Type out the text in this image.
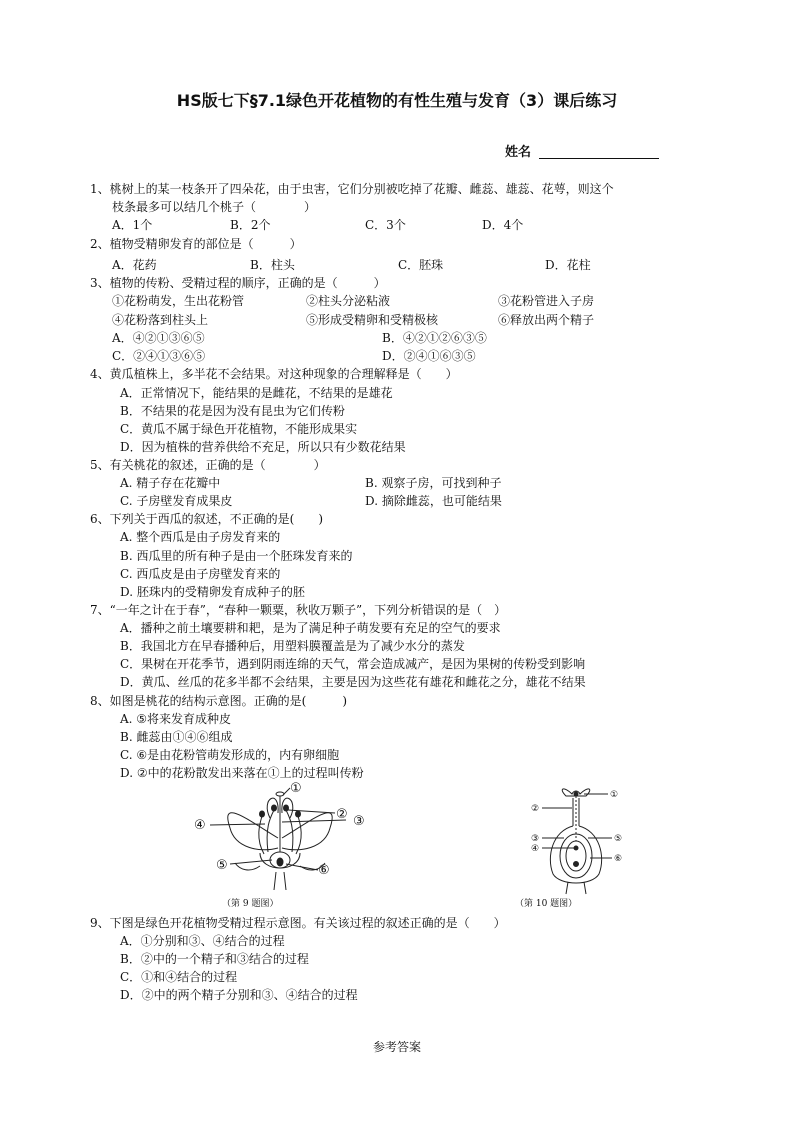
HS版七下§7.1绿色开花植物的有性生殖与发育（3）课后练习
姓名
1、桃树上的某一枝条开了四朵花，由于虫害，它们分别被吃掉了花瓣、雌蕊、雄蕊、花萼，则这个
枝条最多可以结几个桃子（　　　　）
A．1个	B．2个	C．3个	D．4个
2、植物受精卵发育的部位是（　　　）
A．花药	B．柱头	C．胚珠	D．花柱
3、植物的传粉、受精过程的顺序，正确的是（　　　）
①花粉萌发，生出花粉管	②柱头分泌粘液	③花粉管进入子房
④花粉落到柱头上	⑤形成受精卵和受精极核	⑥释放出两个精子
A．④②①③⑥⑤	B．④②①②⑥③⑤
C．②④①③⑥⑤	D．②④①⑥③⑤
4、黄瓜植株上，多半花不会结果。对这种现象的合理解释是（　　）
A．正常情况下，能结果的是雌花，不结果的是雄花
B．不结果的花是因为没有昆虫为它们传粉
C．黄瓜不属于绿色开花植物，不能形成果实
D．因为植株的营养供给不充足，所以只有少数花结果
5、有关桃花的叙述，正确的是（　　　　）
A. 精子存在花瓣中	B. 观察子房，可找到种子
C. 子房壁发育成果皮	D. 摘除雌蕊，也可能结果
6、下列关于西瓜的叙述，不正确的是(　　)
A. 整个西瓜是由子房发育来的
B. 西瓜里的所有种子是由一个胚珠发育来的
C. 西瓜皮是由子房壁发育来的
D. 胚珠内的受精卵发育成种子的胚
7、“一年之计在于春”，“春种一颗粟，秋收万颗子”，下列分析错误的是（　）
A．播种之前土壤要耕和耙，是为了满足种子萌发要有充足的空气的要求
B．我国北方在早春播种后，用塑料膜覆盖是为了减少水分的蒸发
C．果树在开花季节，遇到阴雨连绵的天气，常会造成减产，是因为果树的传粉受到影响
D．黄瓜、丝瓜的花多半都不会结果，主要是因为这些花有雄花和雌花之分，雄花不结果
8、如图是桃花的结构示意图。正确的是(　　　)
A. ⑤将来发育成种皮
B. 雌蕊由①④⑥组成
C. ⑥是由花粉管萌发形成的，内有卵细胞
D. ②中的花粉散发出来落在①上的过程叫传粉
①
② ③
④
⑤	⑥
（第 9 题图）
①
②
③
④
⑤
⑥
（第 10 题图）
9、下图是绿色开花植物受精过程示意图。有关该过程的叙述正确的是（　　）
A．①分别和③、④结合的过程
B．②中的一个精子和③结合的过程
C．①和④结合的过程
D．②中的两个精子分别和③、④结合的过程
参考答案
